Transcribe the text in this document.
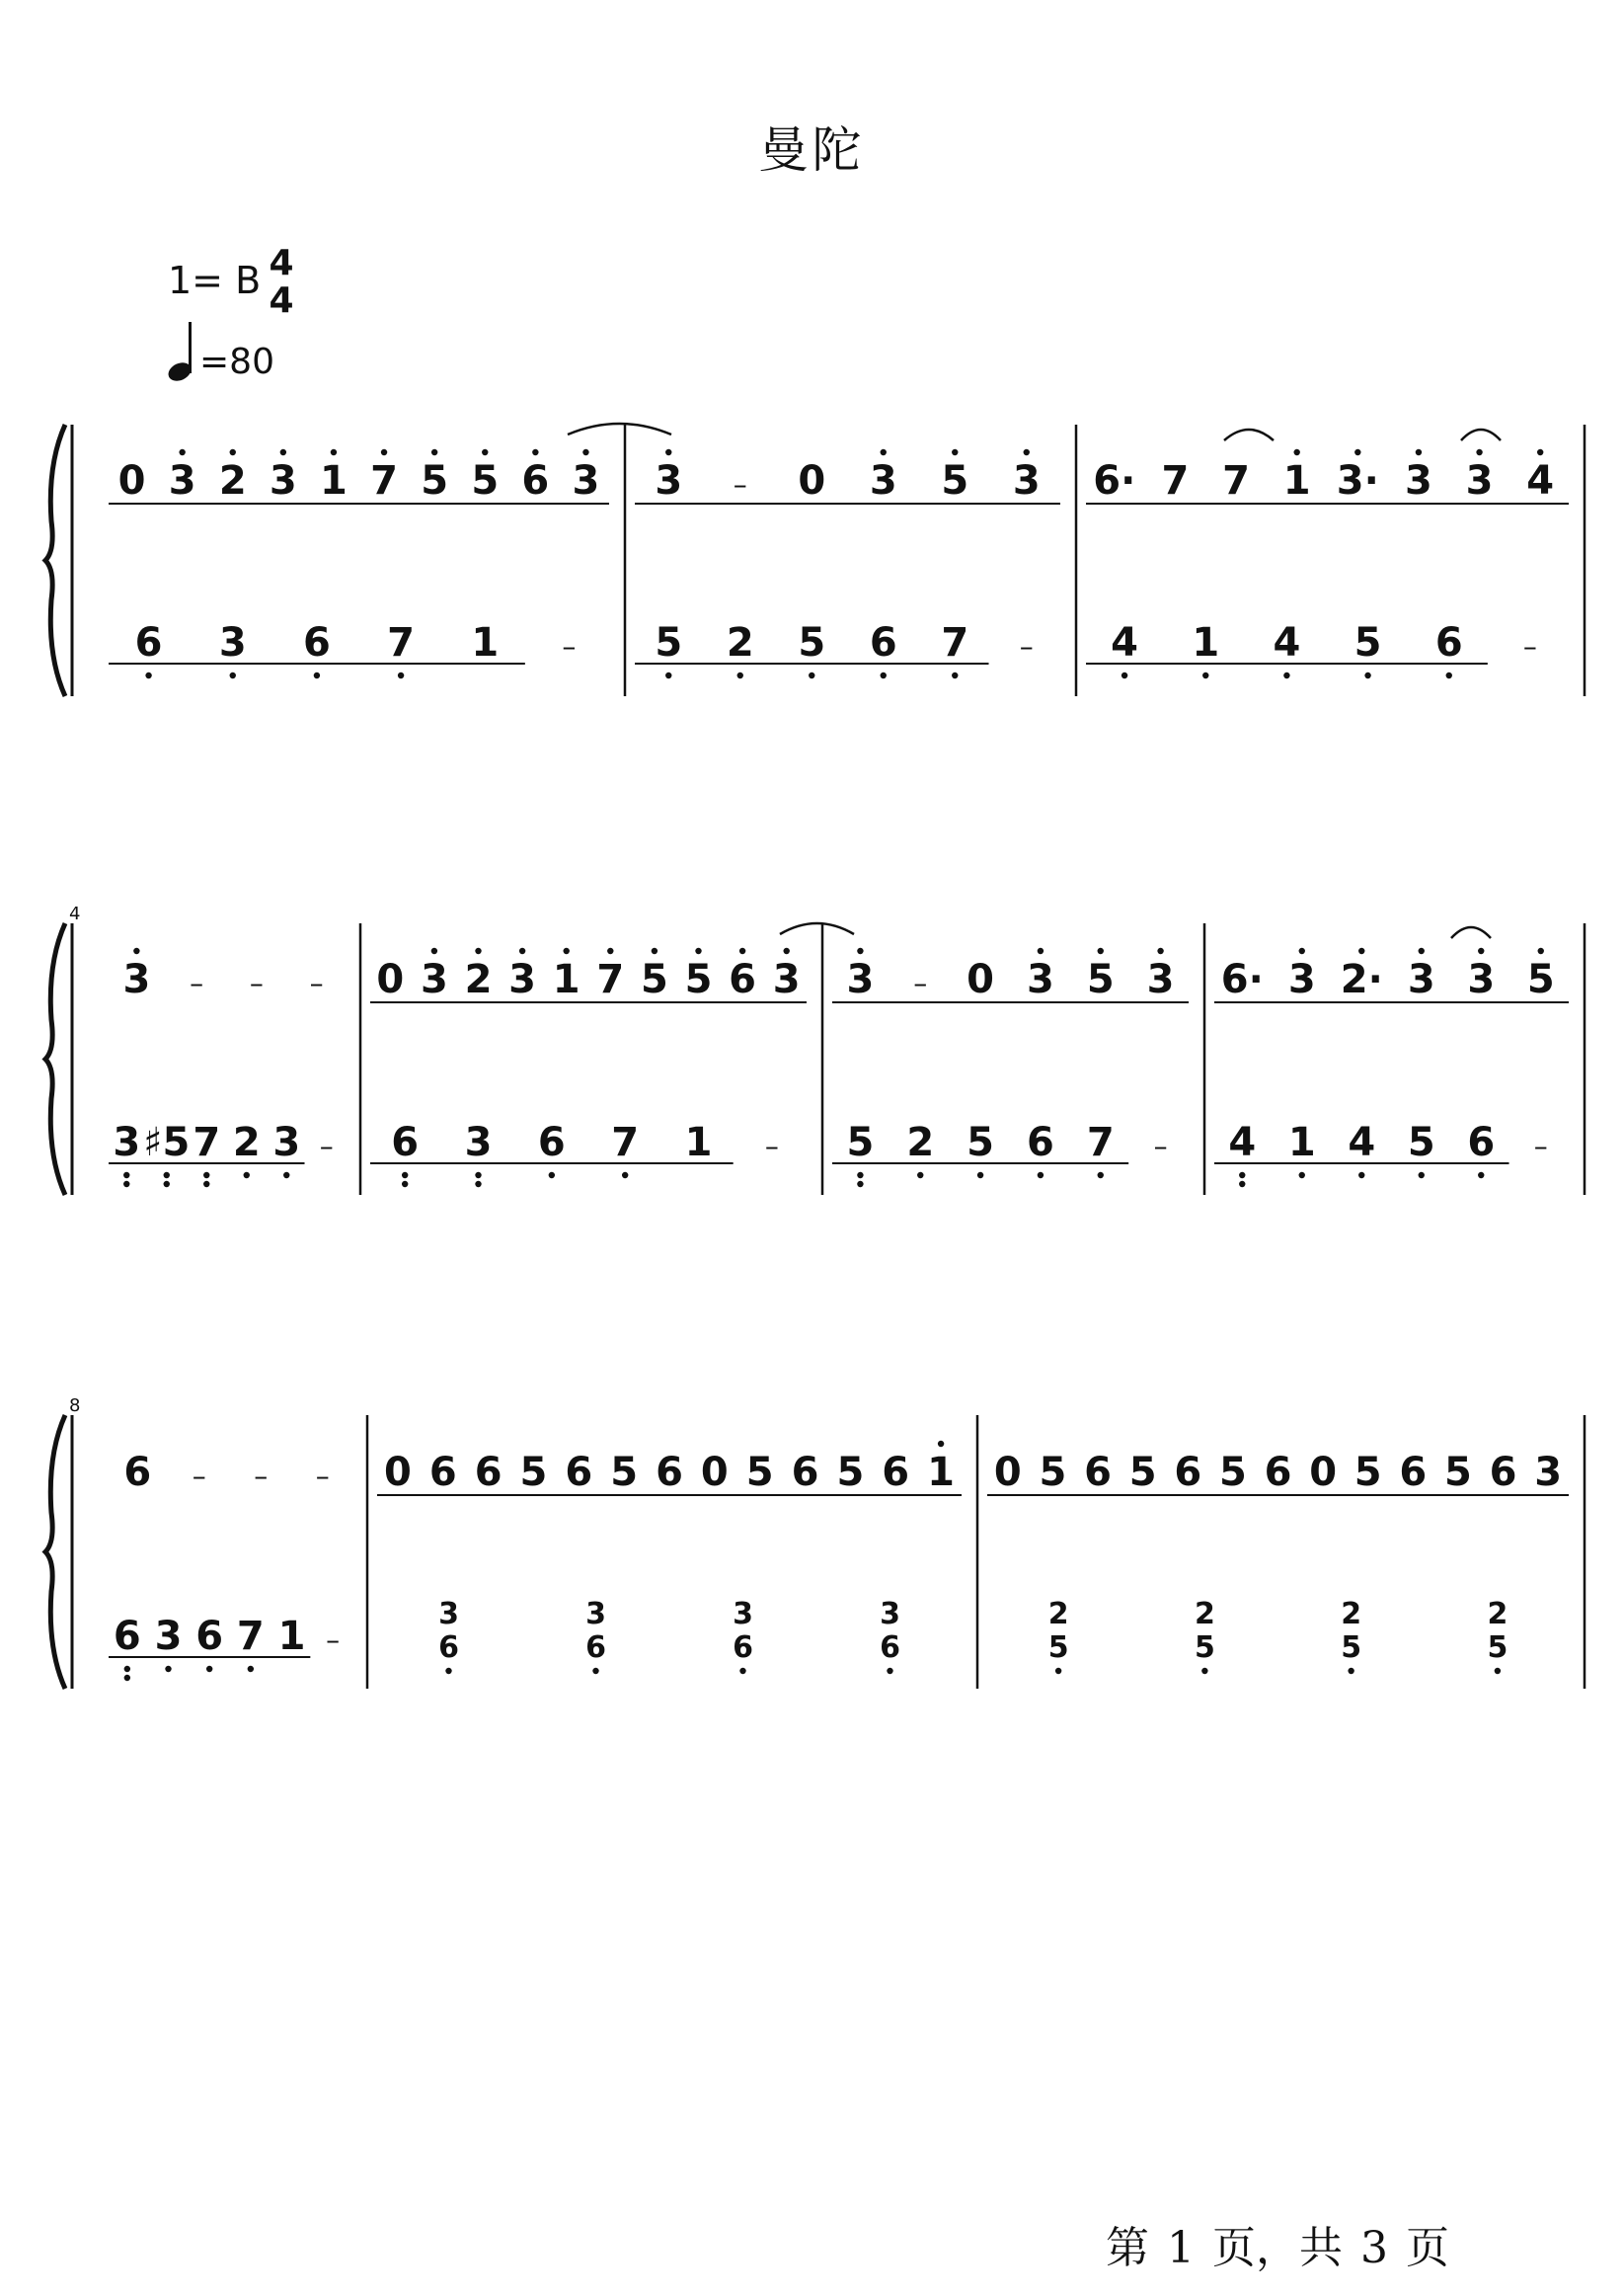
曼陀
1= B 4
4
=80
0 3 2 3 1 7 5 5 6 3 3 – 0 3 5 3 6· 7 7 1 3· 3 3 4
6 3 6 7 1 – 5 2 5 6 7 – 4 1 4 5 6 –
4
3 – – – 0 3 2 3 1 7 5 5 6 3 3 – 0 3 5 3 6· 3 2· 3 3 5
3 ♯5 7 2 3 – 6 3 6 7 1 – 5 2 5 6 7 – 4 1 4 5 6 –
8
6 – – – 0 6 6 5 6 5 6 0 5 6 5 6 1 0 5 6 5 6 5 6 0 5 6 5 6 3
6 3 6 7 1 –
3
6
3
6
3
6
3
6
2
5
2
5
2
5
2
5
第 1 页，共 3 页
